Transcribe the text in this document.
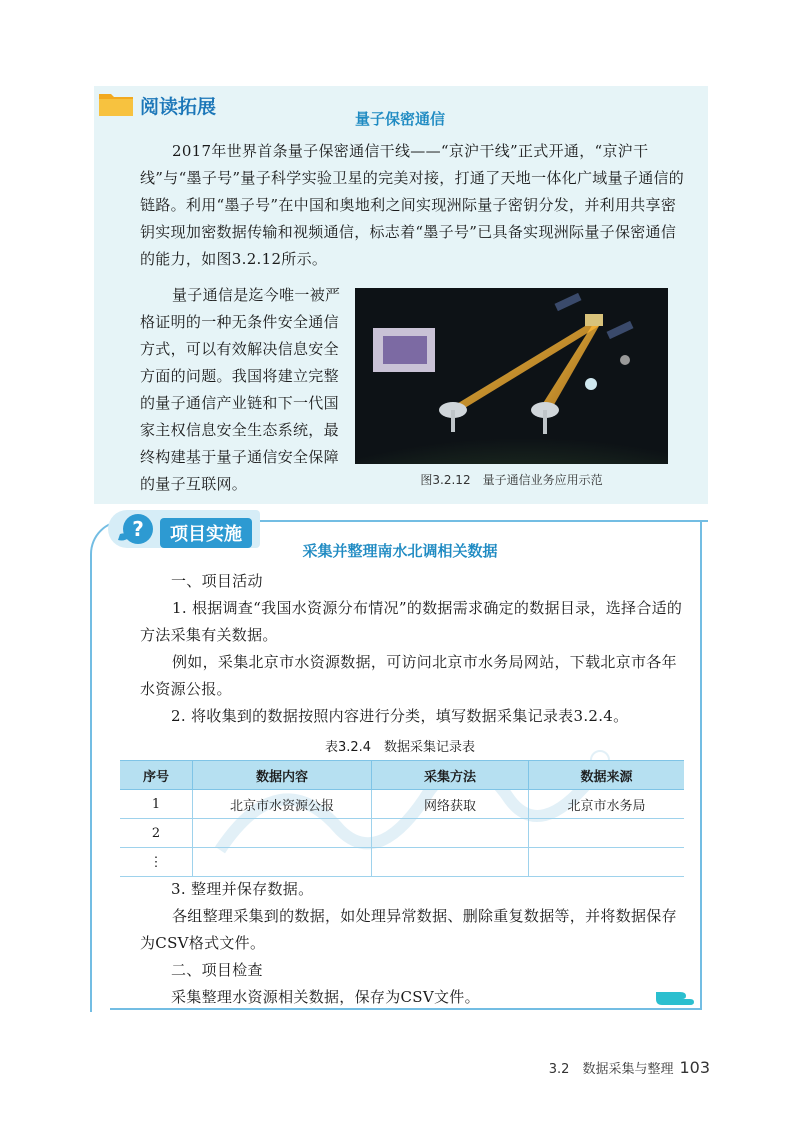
阅读拓展
量子保密通信
2017年世界首条量子保密通信干线——“京沪干线”正式开通，“京沪干线”与“墨子号”量子科学实验卫星的完美对接，打通了天地一体化广域量子通信的链路。利用“墨子号”在中国和奥地利之间实现洲际量子密钥分发，并利用共享密钥实现加密数据传输和视频通信，标志着“墨子号”已具备实现洲际量子保密通信的能力，如图3.2.12所示。
量子通信是迄今唯一被严格证明的一种无条件安全通信方式，可以有效解决信息安全方面的问题。我国将建立完整的量子通信产业链和下一代国家主权信息安全生态系统，最终构建基于量子通信安全保障的量子互联网。	图3.2.12　量子通信业务应用示范
?	项目实施
采集并整理南水北调相关数据
一、项目活动
1. 根据调查“我国水资源分布情况”的数据需求确定的数据目录，选择合适的方法采集有关数据。
例如，采集北京市水资源数据，可访问北京市水务局网站，下载北京市各年水资源公报。
2. 将收集到的数据按照内容进行分类，填写数据采集记录表3.2.4。
表3.2.4　数据采集记录表
序号	数据内容	采集方法	数据来源
1	北京市水资源公报	网络获取	北京市水务局
2			
⋮			
3. 整理并保存数据。
各组整理采集到的数据，如处理异常数据、删除重复数据等，并将数据保存为CSV格式文件。
二、项目检查
采集整理水资源相关数据，保存为CSV文件。
3.2　数据采集与整理 103
